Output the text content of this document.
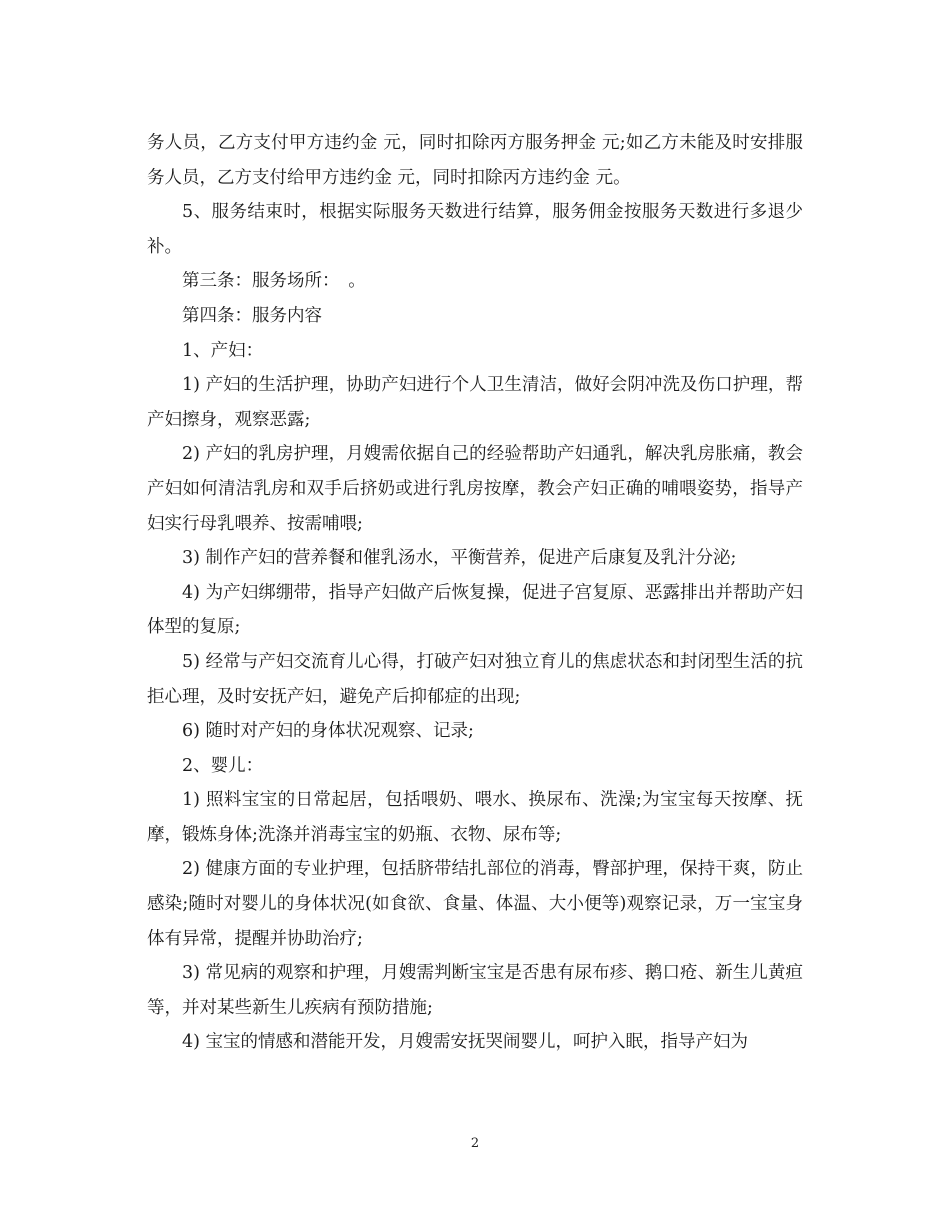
务人员，乙方支付甲方违约金 元，同时扣除丙方服务押金 元;如乙方未能及时安排服务人员，乙方支付给甲方违约金 元，同时扣除丙方违约金 元。

5、服务结束时，根据实际服务天数进行结算，服务佣金按服务天数进行多退少补。

第三条：服务场所：　。

第四条：服务内容

1、产妇：

1) 产妇的生活护理，协助产妇进行个人卫生清洁，做好会阴冲洗及伤口护理，帮产妇擦身，观察恶露;

2) 产妇的乳房护理，月嫂需依据自己的经验帮助产妇通乳，解决乳房胀痛，教会产妇如何清洁乳房和双手后挤奶或进行乳房按摩，教会产妇正确的哺喂姿势，指导产妇实行母乳喂养、按需哺喂;

3) 制作产妇的营养餐和催乳汤水，平衡营养，促进产后康复及乳汁分泌;

4) 为产妇绑绷带，指导产妇做产后恢复操，促进子宫复原、恶露排出并帮助产妇体型的复原;

5) 经常与产妇交流育儿心得，打破产妇对独立育儿的焦虑状态和封闭型生活的抗拒心理，及时安抚产妇，避免产后抑郁症的出现;

6) 随时对产妇的身体状况观察、记录;

2、婴儿：

1) 照料宝宝的日常起居，包括喂奶、喂水、换尿布、洗澡;为宝宝每天按摩、抚摩，锻炼身体;洗涤并消毒宝宝的奶瓶、衣物、尿布等;

2) 健康方面的专业护理，包括脐带结扎部位的消毒，臀部护理，保持干爽，防止感染;随时对婴儿的身体状况(如食欲、食量、体温、大小便等)观察记录，万一宝宝身体有异常，提醒并协助治疗;

3) 常见病的观察和护理，月嫂需判断宝宝是否患有尿布疹、鹅口疮、新生儿黄疸等，并对某些新生儿疾病有预防措施;

4) 宝宝的情感和潜能开发，月嫂需安抚哭闹婴儿，呵护入眠，指导产妇为

2
